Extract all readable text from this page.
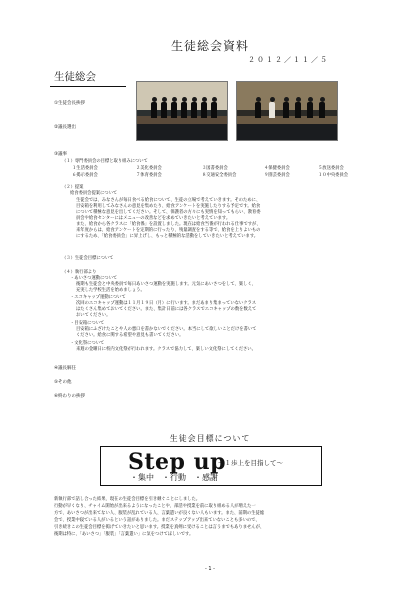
生徒総会資料
２０１２／１１／５
生徒総会
①生徒会長挨拶
②議長選出
③議事
（１）専門委員会の目標と取り組みについて
１生活委員会	２美化委員会	３図書委員会	４保健委員会	５放送委員会
６掲示委員会	７体育委員会	８交通安全委員会	９園芸委員会	１０中央委員会
（２）提案
給食委員会提案について
生徒会では、みなさんが毎日食べる給食について、生徒の立場で考えていきます。そのために、
目安箱を利用してみなさんの意見を集めたり、給食アンケートを実施したりする予定です。給食
について積極な意見を出してください。そして、保護者の方々にも実情を知ってもらい、教育委
員会や給食センターにはメニューの改善などを求めていきたいと考えています。
また、給食から各クラスに「給食係」を設置しました。現在は給食当番が行われる仕事ですが、
来年度からは、給食アンケートを定期的に行ったり、残量調査をする等で、給食を上りよいもの
にするため、「給食委員会」に昇上げし、もっと積極的な活動をしていきたいと考えています。
（３）生徒会目標について
（４）執行部より
・あいさつ運動について
後期も生徒会と中央委員で毎日あいさつ運動を実施します。元気にあいさつをして、楽しく、
充実した学校生活を始めましょう。
・エコキャップ運動について
次回のエコキャップ運動は１１月１９日（月）に行います。まだあまり集まっていないクラス
はたくさん集めておいてください。また、集計日前には各クラスでエコキャップの数を数えて
おいてください。
・目安箱について
目安箱にふざけたことや人の悪口を書かないでください。本当にして欲しいことだけを書いて
ください。給食に関する希望や意見も書いてください。
・文化祭について
来週の金曜日に校内文化祭が行われます。クラスで協力して、楽しい文化祭にしてください。
④議長解任
⑤その他
⑥終わりの挨拶
生徒会目標について
Step up
～１歩上を目指して～
・集中　・行動　・感謝
新執行部で話し合った結果、現在の生徒会目標を引き継ぐことにしました。
行動が早くなり、チャイム開始が出来るようになったことや、部活や授業を前に取り組める人が増えた一
方で、あいさつが出来てない人、服装が乱れている人、言葉遣いが良くない人もいます。また、前期の生徒総
会で、授業中寝ている人がいるという話がありました。まだステップアップ出来ていないことも多いので、
引き続きこの生徒会目標を掲げていきたいと思います。授業を真剣に受けることは言うまでもありませんが、
後期は特に、「あいさつ」「服装」「言葉遣い」に気をつけてほしいです。
- 1 -
